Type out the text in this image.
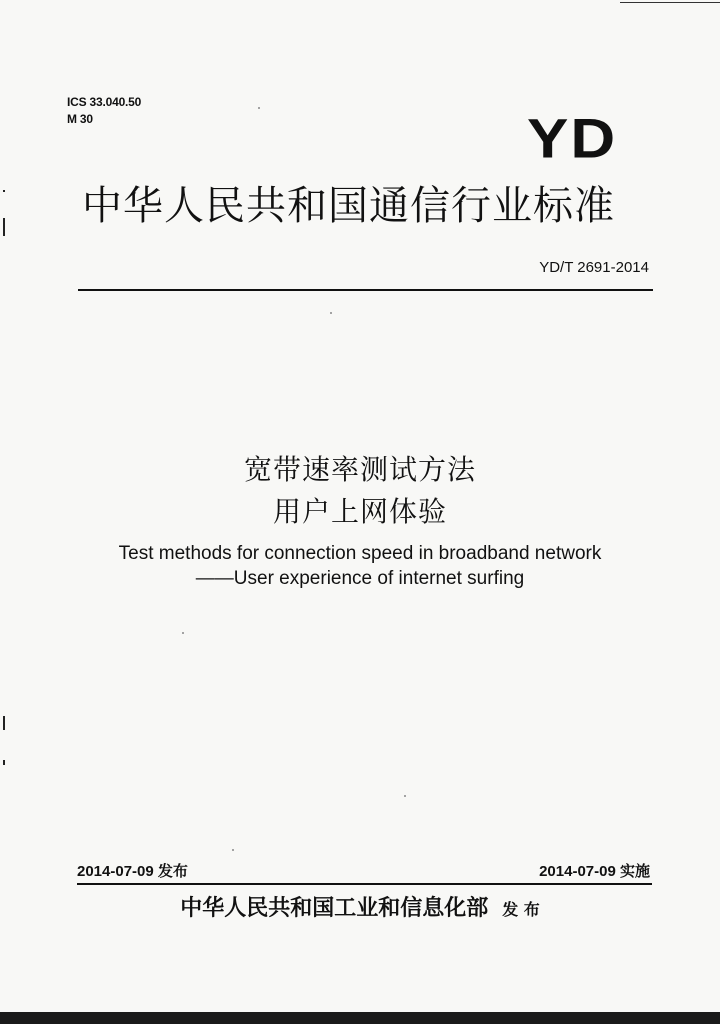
ICS 33.040.50
M 30	YD
中华人民共和国通信行业标准
YD/T 2691-2014
宽带速率测试方法
用户上网体验
Test methods for connection speed in broadband network
——User experience of internet surfing
2014-07-09 发布	2014-07-09 实施
中华人民共和国工业和信息化部 发 布
